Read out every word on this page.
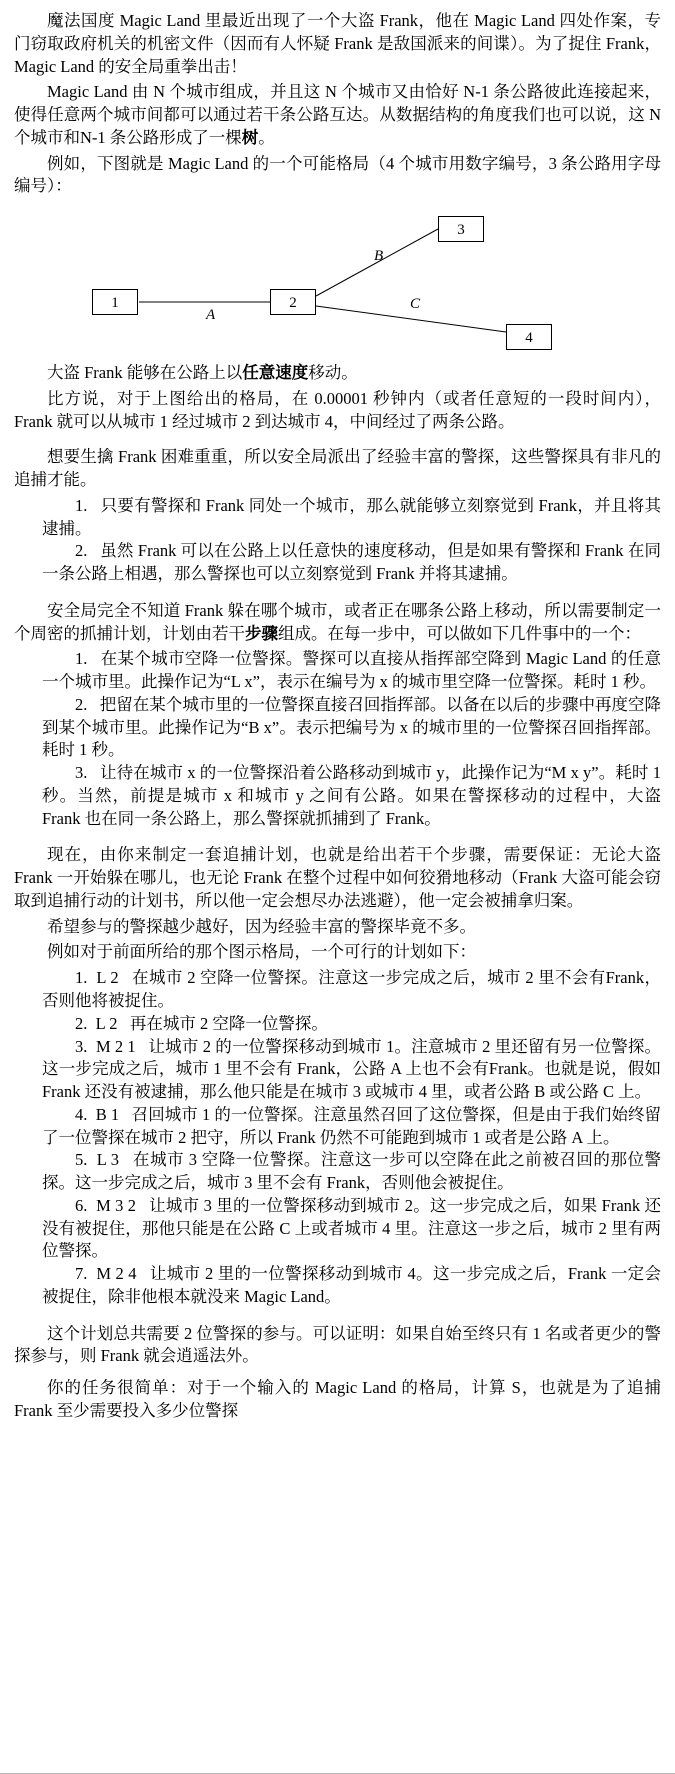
魔法国度 Magic Land 里最近出现了一个大盗 Frank，他在 Magic Land 四处作案，专门窃取政府机关的机密文件（因而有人怀疑 Frank 是敌国派来的间谍）。为了捉住 Frank，Magic Land 的安全局重拳出击！

Magic Land 由 N 个城市组成，并且这 N 个城市又由恰好 N-1 条公路彼此连接起来，使得任意两个城市间都可以通过若干条公路互达。从数据结构的角度我们也可以说，这 N 个城市和N-1 条公路形成了一棵树。

例如，下图就是 Magic Land 的一个可能格局（4 个城市用数字编号，3 条公路用字母编号）：

1	2
3
4
A
B
C

大盗 Frank 能够在公路上以任意速度移动。

比方说，对于上图给出的格局，在 0.00001 秒钟内（或者任意短的一段时间内），Frank 就可以从城市 1 经过城市 2 到达城市 4，中间经过了两条公路。

想要生擒 Frank 困难重重，所以安全局派出了经验丰富的警探，这些警探具有非凡的追捕才能。

1. 只要有警探和 Frank 同处一个城市，那么就能够立刻察觉到 Frank，并且将其逮捕。
2. 虽然 Frank 可以在公路上以任意快的速度移动，但是如果有警探和 Frank 在同一条公路上相遇，那么警探也可以立刻察觉到 Frank 并将其逮捕。

安全局完全不知道 Frank 躲在哪个城市，或者正在哪条公路上移动，所以需要制定一个周密的抓捕计划，计划由若干步骤组成。在每一步中，可以做如下几件事中的一个：

1. 在某个城市空降一位警探。警探可以直接从指挥部空降到 Magic Land 的任意一个城市里。此操作记为“L x”，表示在编号为 x 的城市里空降一位警探。耗时 1 秒。
2. 把留在某个城市里的一位警探直接召回指挥部。以备在以后的步骤中再度空降到某个城市里。此操作记为“B x”。表示把编号为 x 的城市里的一位警探召回指挥部。耗时 1 秒。
3. 让待在城市 x 的一位警探沿着公路移动到城市 y，此操作记为“M x y”。耗时 1 秒。当然，前提是城市 x 和城市 y 之间有公路。如果在警探移动的过程中，大盗 Frank 也在同一条公路上，那么警探就抓捕到了 Frank。

现在，由你来制定一套追捕计划，也就是给出若干个步骤，需要保证：无论大盗 Frank 一开始躲在哪儿，也无论 Frank 在整个过程中如何狡猾地移动（Frank 大盗可能会窃取到追捕行动的计划书，所以他一定会想尽办法逃避），他一定会被捕拿归案。

希望参与的警探越少越好，因为经验丰富的警探毕竟不多。

例如对于前面所给的那个图示格局，一个可行的计划如下：

1. L 2 在城市 2 空降一位警探。注意这一步完成之后，城市 2 里不会有Frank，否则他将被捉住。
2. L 2 再在城市 2 空降一位警探。
3. M 2 1 让城市 2 的一位警探移动到城市 1。注意城市 2 里还留有另一位警探。这一步完成之后，城市 1 里不会有 Frank，公路 A 上也不会有Frank。也就是说，假如 Frank 还没有被逮捕，那么他只能是在城市 3 或城市 4 里，或者公路 B 或公路 C 上。
4. B 1 召回城市 1 的一位警探。注意虽然召回了这位警探，但是由于我们始终留了一位警探在城市 2 把守，所以 Frank 仍然不可能跑到城市 1 或者是公路 A 上。
5. L 3 在城市 3 空降一位警探。注意这一步可以空降在此之前被召回的那位警探。这一步完成之后，城市 3 里不会有 Frank，否则他会被捉住。
6. M 3 2 让城市 3 里的一位警探移动到城市 2。这一步完成之后，如果 Frank 还没有被捉住，那他只能是在公路 C 上或者城市 4 里。注意这一步之后，城市 2 里有两位警探。
7. M 2 4 让城市 2 里的一位警探移动到城市 4。这一步完成之后，Frank 一定会被捉住，除非他根本就没来 Magic Land。

这个计划总共需要 2 位警探的参与。可以证明：如果自始至终只有 1 名或者更少的警探参与，则 Frank 就会逍遥法外。

你的任务很简单：对于一个输入的 Magic Land 的格局，计算 S，也就是为了追捕 Frank 至少需要投入多少位警探
